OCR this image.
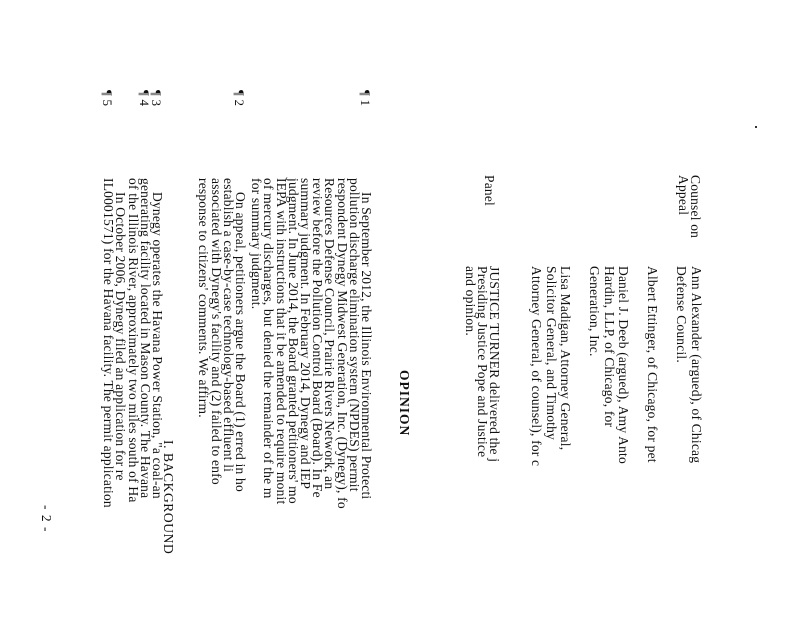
Counsel on
Appeal
Ann Alexander (argued), of Chicag
Defense Council.

Albert Ettinger, of Chicago, for pet

Daniel J. Deeb (argued), Amy Anto
Hardin, LLP, of Chicago, for
Generation, Inc.

Lisa Madigan, Attorney General,
Solicitor General, and Timothy
Attorney General, of counsel), for c
Panel
JUSTICE TURNER delivered the j
Presiding Justice Pope and Justice
and opinion.
OPINION
¶ 1
¶ 2
¶ 3
¶ 4
¶ 5
In September 2012, the Illinois Environmental Protecti
pollution discharge elimination system (NPDES) permit
respondent Dynegy Midwest Generation, Inc. (Dynegy), fo
Resources Defense Council, Prairie Rivers Network, an
review before the Pollution Control Board (Board). In Fe
summary judgment. In February 2014, Dynegy and IEP
judgment. In June 2014, the Board granted petitioners' mo
IEPA with instructions that it be amended to require monit
of mercury discharges, but denied the remainder of the m
for summary judgment.
On appeal, petitioners argue the Board (1) erred in ho
establish a case-by-case technology-based effluent li
associated with Dynegy's facility and (2) failed to enfo
response to citizens' comments. We affirm.
I. BACKGROUND
Dynegy operates the Havana Power Station, "a coal-an
generating facility located in Mason County. The Havana
of the Illinois River, approximately two miles south of Ha
In October 2006, Dynegy filed an application for re
IL0001571) for the Havana facility. The permit application
- 2 -
